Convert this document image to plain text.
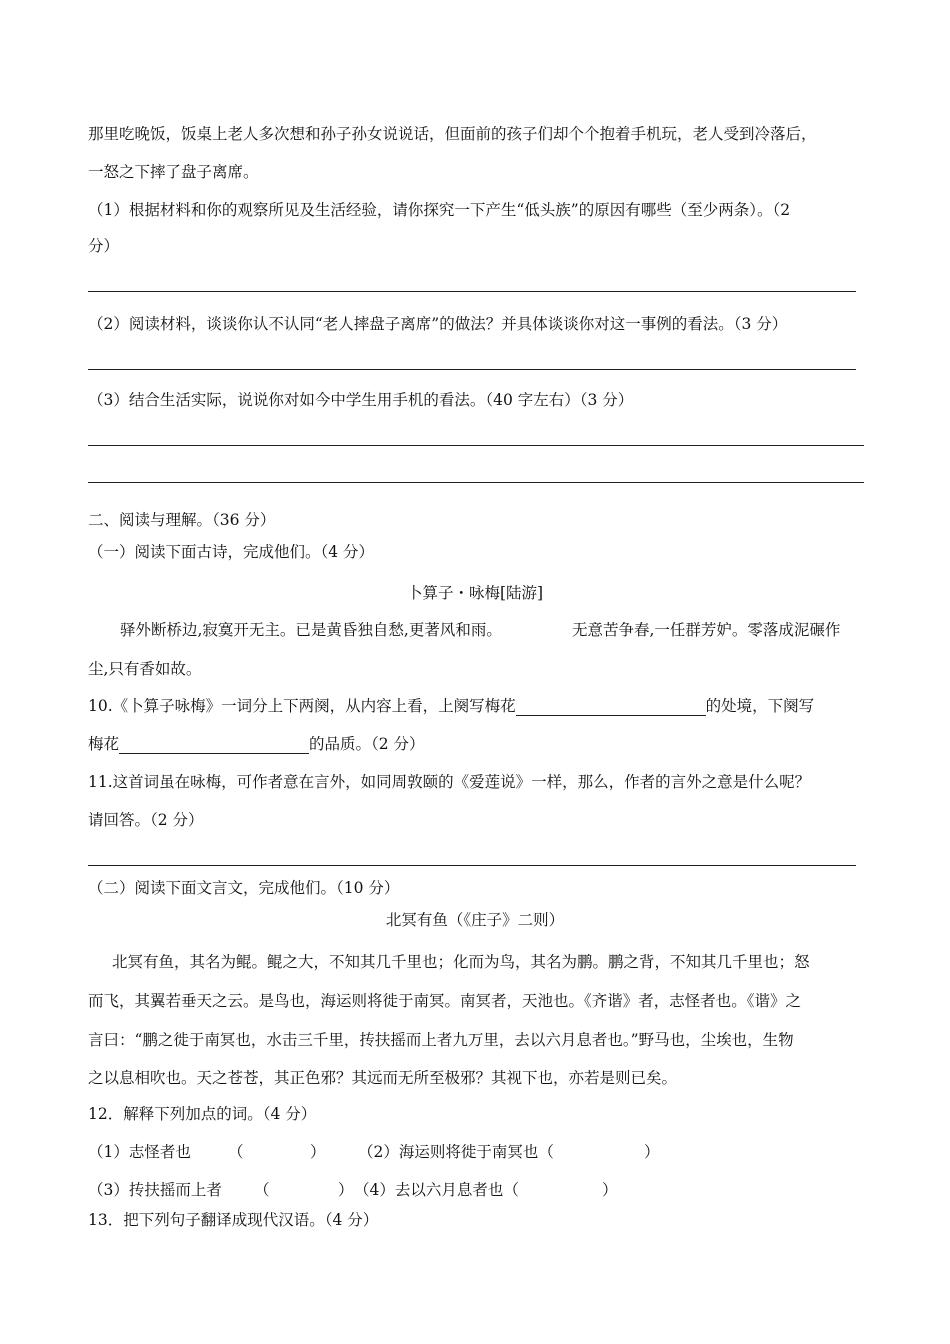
那里吃晚饭，饭桌上老人多次想和孙子孙女说说话，但面前的孩子们却个个抱着手机玩，老人受到冷落后，
一怒之下摔了盘子离席。
（1）根据材料和你的观察所见及生活经验，请你探究一下产生“低头族”的原因有哪些（至少两条）。（2
分）
（2）阅读材料，谈谈你认不认同“老人摔盘子离席”的做法？并具体谈谈你对这一事例的看法。（3 分）
（3）结合生活实际，说说你对如今中学生用手机的看法。（40 字左右）（3 分）
二、阅读与理解。（36 分）
（一）阅读下面古诗，完成他们。（4 分）
卜算子・咏梅[陆游]
驿外断桥边,寂寞开无主。已是黄昏独自愁,更著风和雨。	无意苦争春,一任群芳妒。零落成泥碾作
尘,只有香如故。
10.《卜算子咏梅》一词分上下两阕，从内容上看，上阕写梅花	的处境，下阕写
梅花	的品质。（2 分）
11.这首词虽在咏梅，可作者意在言外，如同周敦颐的《爱莲说》一样，那么，作者的言外之意是什么呢？
请回答。（2 分）
（二）阅读下面文言文，完成他们。（10 分）
北冥有鱼（《庄子》二则）
北冥有鱼，其名为鲲。鲲之大，不知其几千里也；化而为鸟，其名为鹏。鹏之背，不知其几千里也；怒
而飞，其翼若垂天之云。是鸟也，海运则将徙于南冥。南冥者，天池也。《齐谐》者，志怪者也。《谐》之
言曰：“鹏之徙于南冥也，水击三千里，抟扶摇而上者九万里，去以六月息者也。”野马也，尘埃也，生物
之以息相吹也。天之苍苍，其正色邪？其远而无所至极邪？其视下也，亦若是则已矣。
12．解释下列加点的词。（4 分）
（1）志怪者也 （	） （2）海运则将徙于南冥也（	）
（3）抟扶摇而上者 （	） （4）去以六月息者也（	）
13．把下列句子翻译成现代汉语。（4 分）
